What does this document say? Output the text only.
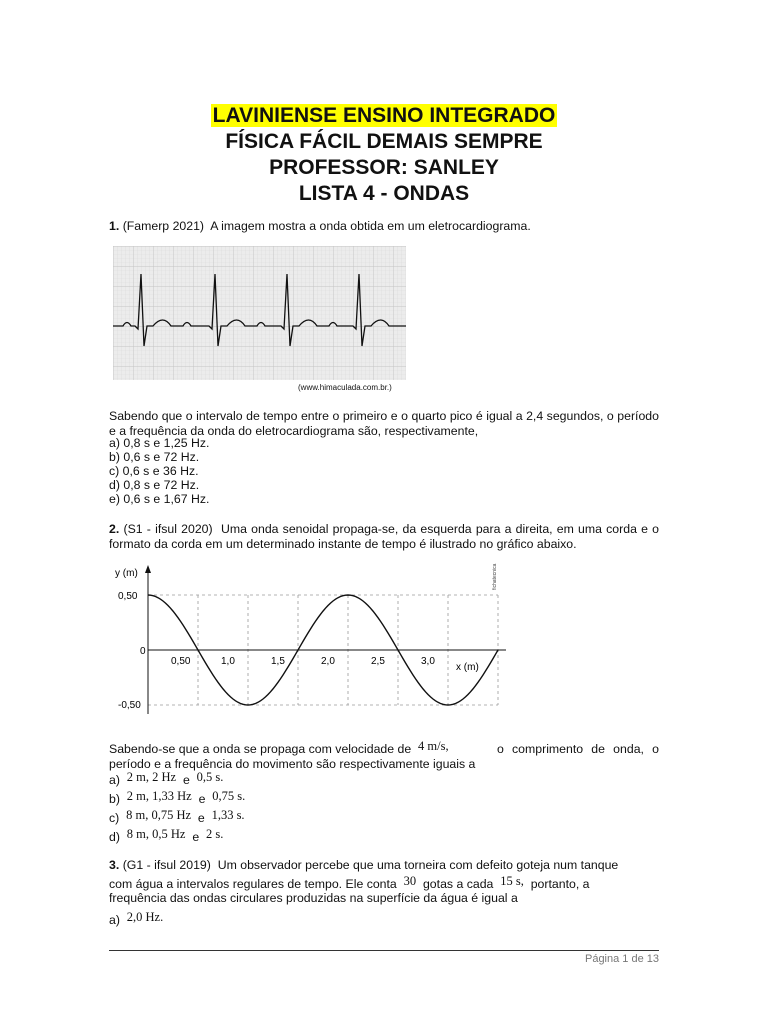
LAVINIENSE ENSINO INTEGRADO
FÍSICA FÁCIL DEMAIS SEMPRE
PROFESSOR: SANLEY
LISTA 4 - ONDAS
1. (Famerp 2021) A imagem mostra a onda obtida em um eletrocardiograma.
(www.himaculada.com.br.)
Sabendo que o intervalo de tempo entre o primeiro e o quarto pico é igual a 2,4 segundos, o período e a frequência da onda do eletrocardiograma são, respectivamente,
a) 0,8 s e 1,25 Hz.
b) 0,6 s e 72 Hz.
c) 0,6 s e 36 Hz.
d) 0,8 s e 72 Hz.
e) 0,6 s e 1,67 Hz.
2. (S1 - ifsul 2020) Uma onda senoidal propaga-se, da esquerda para a direita, em uma corda e o formato da corda em um determinado instante de tempo é ilustrado no gráfico abaixo.
y (m)
x (m)
0,50
0
-0,50
0,50	1,0	1,5	2,0	2,5	3,0
fichatecnica
Sabendo-se que a onda se propaga com velocidade de 4 m/s,	o comprimento de onda, o período e a frequência do movimento são respectivamente iguais a
a) 2 m, 2 Hz e 0,5 s.
b) 2 m, 1,33 Hz e 0,75 s.
c) 8 m, 0,75 Hz e 1,33 s.
d) 8 m, 0,5 Hz e 2 s.
3. (G1 - ifsul 2019) Um observador percebe que uma torneira com defeito goteja num tanque
com água a intervalos regulares de tempo. Ele conta 30 gotas a cada 15 s, portanto, a
frequência das ondas circulares produzidas na superfície da água é igual a
a) 2,0 Hz.
Página 1 de 13
